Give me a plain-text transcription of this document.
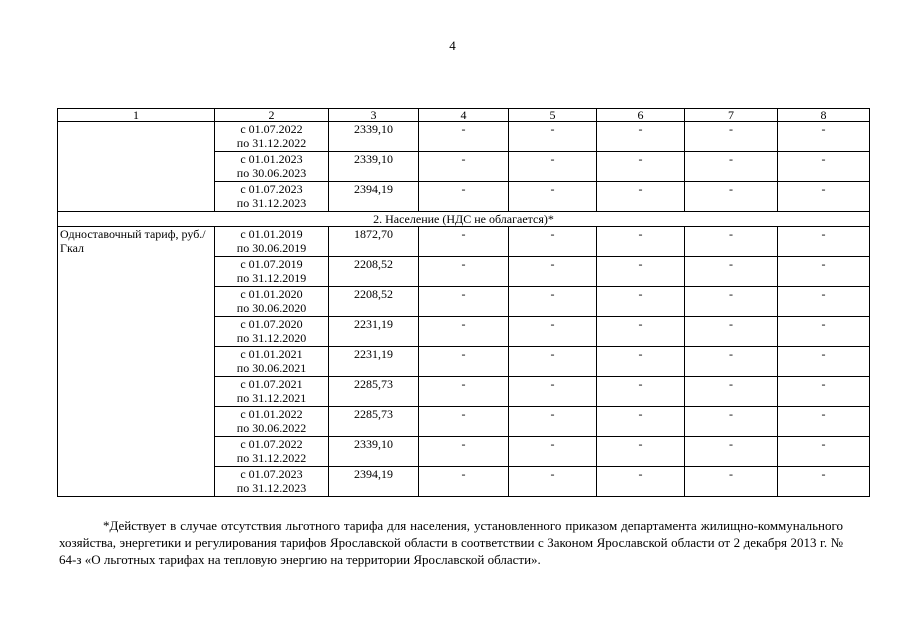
4
1	2	3	4	5	6	7	8

	с 01.07.2022
по 31.12.2022	2339,10	-	-	-	-	-

	с 01.01.2023
по 30.06.2023	2339,10	-	-	-	-	-

	с 01.07.2023
по 31.12.2023	2394,19	-	-	-	-	-
2. Население (НДС не облагается)*							
Одноставочный тариф, руб./Гкал	с 01.01.2019
по 30.06.2019	1872,70	-	-	-	-	-

	с 01.07.2019
по 31.12.2019	2208,52	-	-	-	-	-

	с 01.01.2020
по 30.06.2020	2208,52	-	-	-	-	-

	с 01.07.2020
по 31.12.2020	2231,19	-	-	-	-	-

	с 01.01.2021
по 30.06.2021	2231,19	-	-	-	-	-

	с 01.07.2021
по 31.12.2021	2285,73	-	-	-	-	-

	с 01.01.2022
по 30.06.2022	2285,73	-	-	-	-	-

	с 01.07.2022
по 31.12.2022	2339,10	-	-	-	-	-

	с 01.07.2023
по 31.12.2023	2394,19	-	-	-	-	-

*Действует в случае отсутствия льготного тарифа для населения, установленного приказом департамента жилищно-коммунального хозяйства, энергетики и регулирования тарифов Ярославской области в соответствии с Законом Ярославской области от 2 декабря 2013 г. № 64-з «О льготных тарифах на тепловую энергию на территории Ярославской области».
